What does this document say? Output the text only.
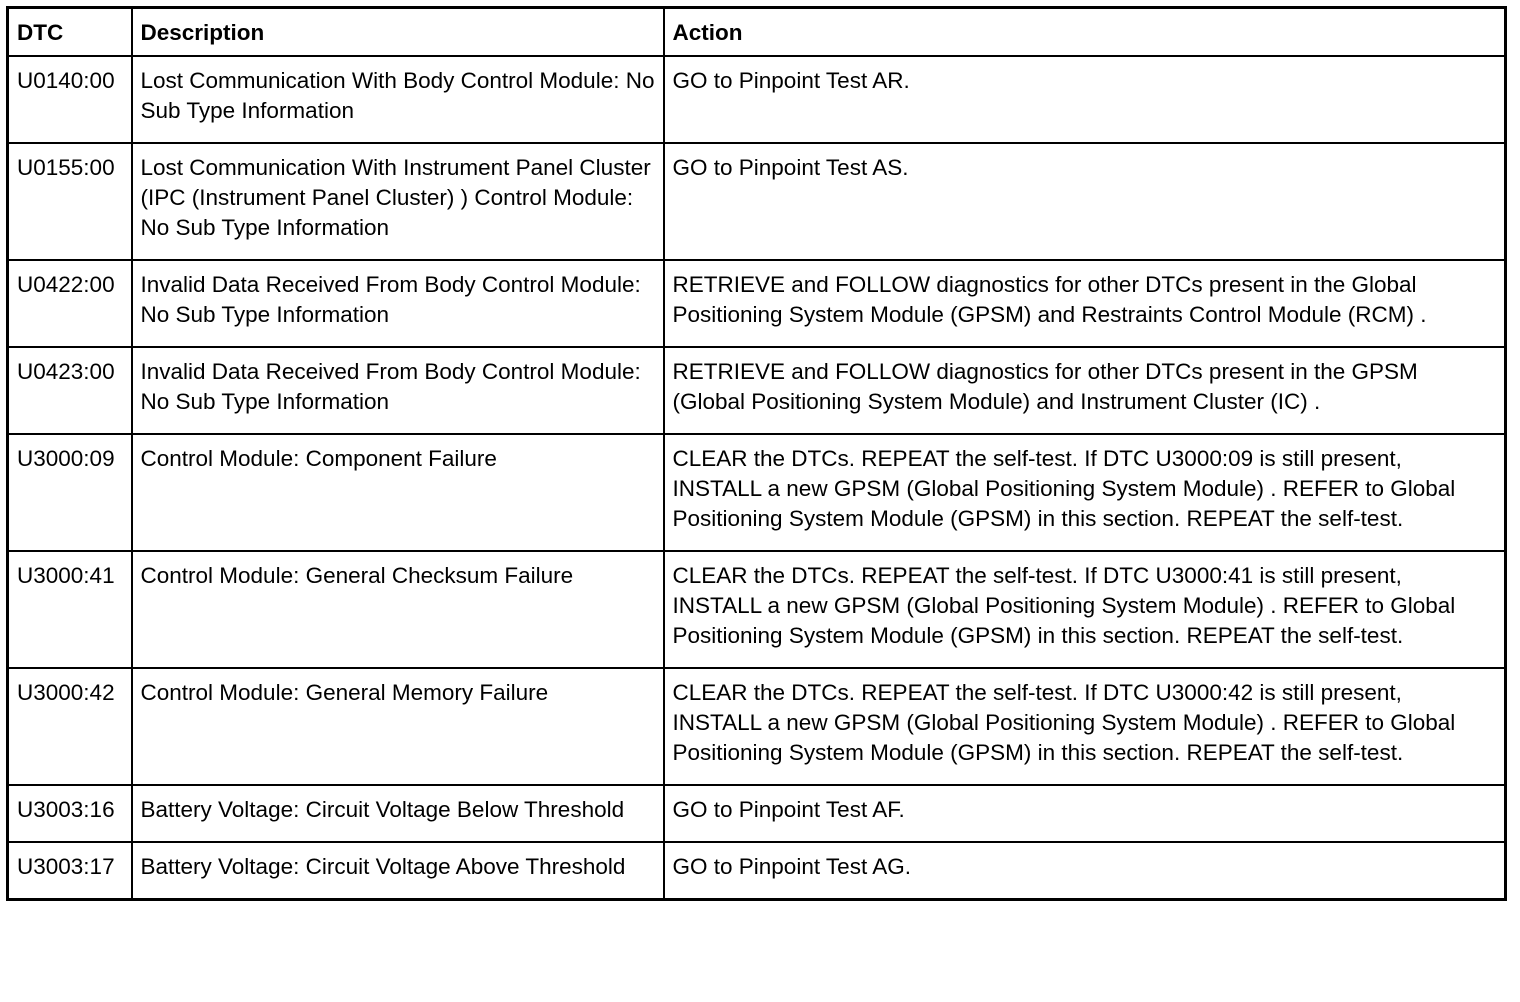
DTC	Description	Action
U0140:00	Lost Communication With Body Control Module: No Sub Type Information	GO to Pinpoint Test AR.
U0155:00	Lost Communication With Instrument Panel Cluster (IPC (Instrument Panel Cluster) ) Control Module: No Sub Type Information	GO to Pinpoint Test AS.
U0422:00	Invalid Data Received From Body Control Module: No Sub Type Information	RETRIEVE and FOLLOW diagnostics for other DTCs present in the Global Positioning System Module (GPSM) and Restraints Control Module (RCM) .
U0423:00	Invalid Data Received From Body Control Module: No Sub Type Information	RETRIEVE and FOLLOW diagnostics for other DTCs present in the GPSM (Global Positioning System Module) and Instrument Cluster (IC) .
U3000:09	Control Module: Component Failure	CLEAR the DTCs. REPEAT the self-test. If DTC U3000:09 is still present, INSTALL a new GPSM (Global Positioning System Module) . REFER to Global Positioning System Module (GPSM) in this section. REPEAT the self-test.
U3000:41	Control Module: General Checksum Failure	CLEAR the DTCs. REPEAT the self-test. If DTC U3000:41 is still present, INSTALL a new GPSM (Global Positioning System Module) . REFER to Global Positioning System Module (GPSM) in this section. REPEAT the self-test.
U3000:42	Control Module: General Memory Failure	CLEAR the DTCs. REPEAT the self-test. If DTC U3000:42 is still present, INSTALL a new GPSM (Global Positioning System Module) . REFER to Global Positioning System Module (GPSM) in this section. REPEAT the self-test.
U3003:16	Battery Voltage: Circuit Voltage Below Threshold	GO to Pinpoint Test AF.
U3003:17	Battery Voltage: Circuit Voltage Above Threshold	GO to Pinpoint Test AG.
